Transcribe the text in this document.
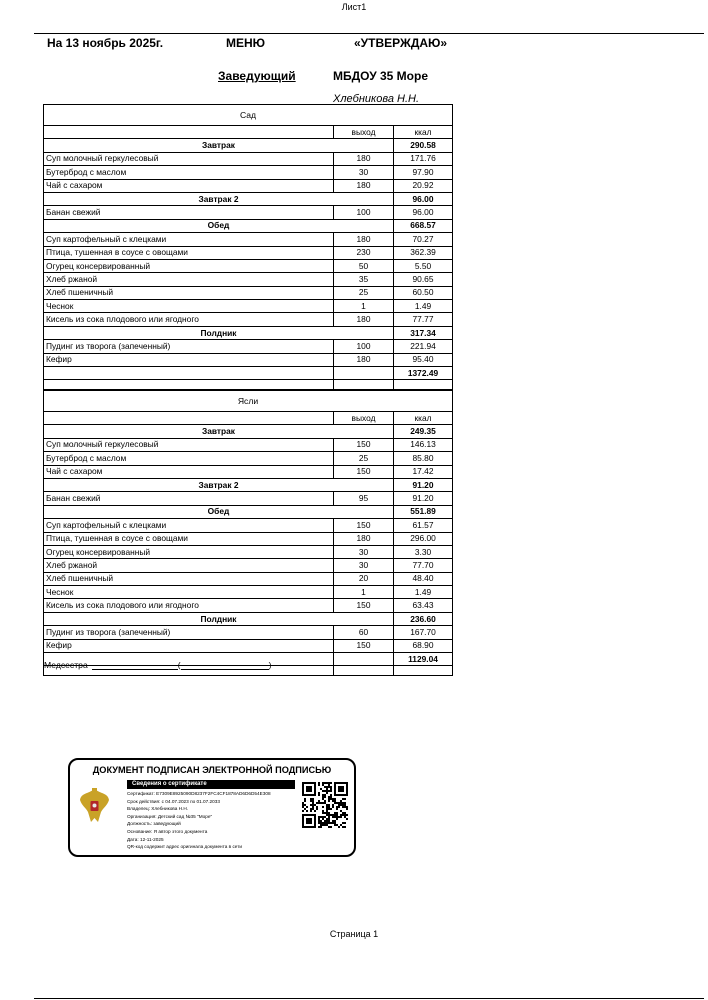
Лист1
На 13 ноябрь 2025г.	МЕНЮ	«УТВЕРЖДАЮ»
Заведующий	МБДОУ 35 Море
Хлебникова Н.Н.
Сад		
	выход	ккал
Завтрак		290.58
Суп молочный геркулесовый	180	171.76
Бутерброд с маслом	30	97.90
Чай с сахаром	180	20.92
Завтрак 2		96.00
Банан свежий	100	96.00
Обед		668.57
Суп картофельный с клецками	180	70.27
Птица, тушенная в соусе с овощами	230	362.39
Огурец консервированный	50	5.50
Хлеб ржаной	35	90.65
Хлеб пшеничный	25	60.50
Чеснок	1	1.49
Кисель из сока плодового или ягодного	180	77.77
Полдник		317.34
Пудинг из творога (запеченный)	100	221.94
Кефир	180	95.40
		1372.49

Ясли		
	выход	ккал
Завтрак		249.35
Суп молочный геркулесовый	150	146.13
Бутерброд с маслом	25	85.80
Чай с сахаром	150	17.42
Завтрак 2		91.20
Банан свежий	95	91.20
Обед		551.89
Суп картофельный с клецками	150	61.57
Птица, тушенная в соусе с овощами	180	296.00
Огурец консервированный	30	3.30
Хлеб ржаной	30	77.70
Хлеб пшеничный	20	48.40
Чеснок	1	1.49
Кисель из сока плодового или ягодного	150	63.43
Полдник		236.60
Пудинг из творога (запеченный)	60	167.70
Кефир	150	68.90
		1129.04

Медсестра	(	)
ДОКУМЕНТ ПОДПИСАН ЭЛЕКТРОННОЙ ПОДПИСЬЮ
Сведения о сертификате
Сертификат: E7309E8925090D8237F2FC4CF1878AD6D6D54E308
Срок действия: с 04.07.2023 по 01.07.2033
Владелец: Хлебникова Н.Н.
Организация: Детский сад №35 "Море"
Должность: заведующий
Основание: Я автор этого документа
Дата: 12-11-2025
QR-код содержит адрес оригинала документа в сети
Страница 1
